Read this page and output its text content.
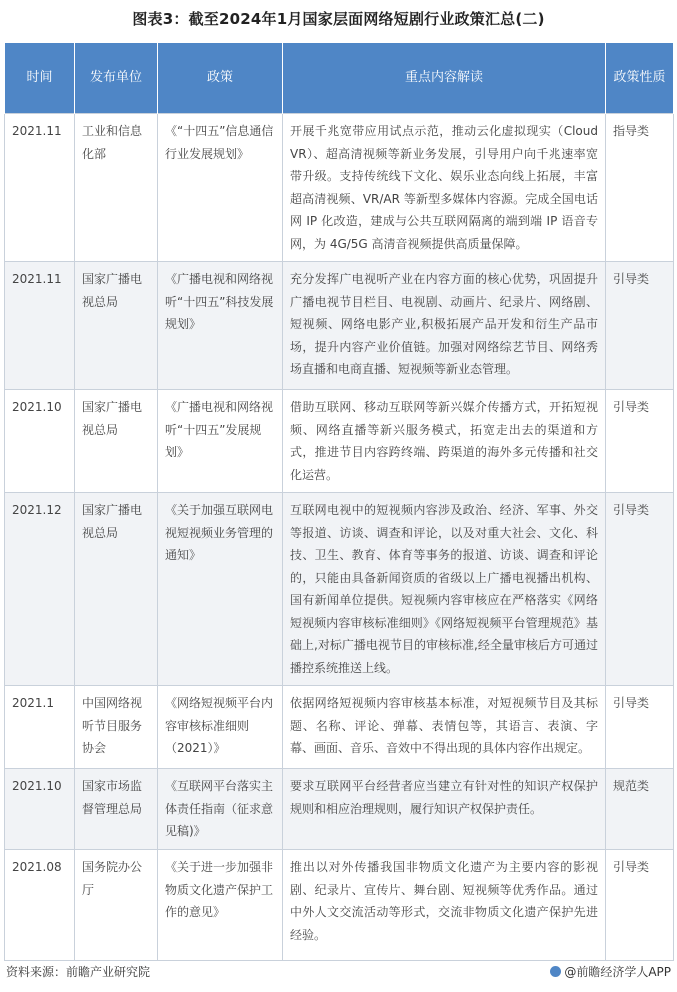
图表3：截至2024年1月国家层面网络短剧行业政策汇总(二)
时间	发布单位	政策	重点内容解读	政策性质
2021.11	工业和信息化部	《“十四五”信息通信行业发展规划》	开展千兆宽带应用试点示范，推动云化虚拟现实（Cloud VR）、超高清视频等新业务发展，引导用户向千兆速率宽带升级。支持传统线下文化、娱乐业态向线上拓展，丰富超高清视频、VR/AR 等新型多媒体内容源。完成全国电话网 IP 化改造，建成与公共互联网隔离的端到端 IP 语音专网，为 4G/5G 高清音视频提供高质量保障。	指导类
2021.11	国家广播电视总局	《广播电视和网络视听“十四五”科技发展规划》	充分发挥广电视听产业在内容方面的核心优势，巩固提升广播电视节目栏目、电视剧、动画片、纪录片、网络剧、短视频、网络电影产业,积极拓展产品开发和衍生产品市场，提升内容产业价值链。加强对网络综艺节目、网络秀场直播和电商直播、短视频等新业态管理。	引导类
2021.10	国家广播电视总局	《广播电视和网络视听“十四五”发展规划》	借助互联网、移动互联网等新兴媒介传播方式，开拓短视频、网络直播等新兴服务模式，拓宽走出去的渠道和方式，推进节目内容跨终端、跨渠道的海外多元传播和社交化运营。	引导类
2021.12	国家广播电视总局	《关于加强互联网电视短视频业务管理的通知》	互联网电视中的短视频内容涉及政治、经济、军事、外交等报道、访谈、调查和评论，以及对重大社会、文化、科技、卫生、教育、体育等事务的报道、访谈、调查和评论的，只能由具备新闻资质的省级以上广播电视播出机构、国有新闻单位提供。短视频内容审核应在严格落实《网络短视频内容审核标准细则》《网络短视频平台管理规范》基础上,对标广播电视节目的审核标准,经全量审核后方可通过播控系统推送上线。	引导类
2021.1	中国网络视听节目服务协会	《网络短视频平台内容审核标准细则（2021）》	依据网络短视频内容审核基本标准，对短视频节目及其标题、名称、评论、弹幕、表情包等，其语言、表演、字幕、画面、音乐、音效中不得出现的具体内容作出规定。	引导类
2021.10	国家市场监督管理总局	《互联网平台落实主体责任指南（征求意见稿)》	要求互联网平台经营者应当建立有针对性的知识产权保护规则和相应治理规则，履行知识产权保护责任。	规范类
2021.08	国务院办公厅	《关于进一步加强非物质文化遗产保护工作的意见》	推出以对外传播我国非物质文化遗产为主要内容的影视剧、纪录片、宣传片、舞台剧、短视频等优秀作品。通过中外人文交流活动等形式，交流非物质文化遗产保护先进经验。	引导类
资料来源：前瞻产业研究院	@前瞻经济学人APP
